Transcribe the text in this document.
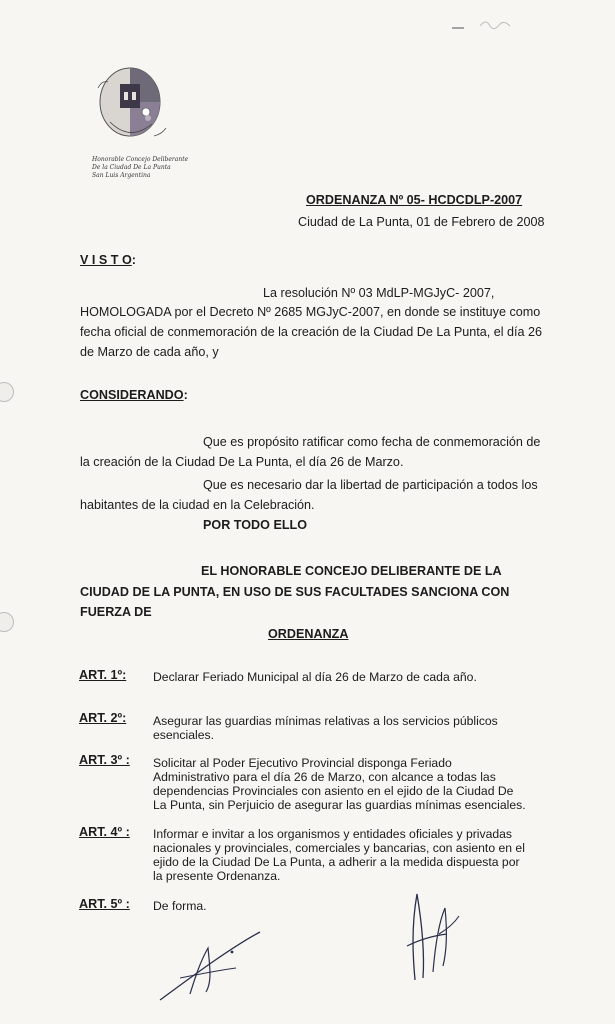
Honorable Concejo Deliberante
De la Ciudad De La Punta
San Luis Argentina
ORDENANZA Nº 05- HCDCDLP-2007
Ciudad de La Punta, 01 de Febrero de 2008
V I S T O:
La resolución Nº 03 MdLP-MGJyC- 2007,
HOMOLOGADA por el Decreto Nº 2685 MGJyC-2007, en donde se instituye como
fecha oficial de conmemoración de la creación de la Ciudad De La Punta, el día 26
de Marzo de cada año, y
CONSIDERANDO:
Que es propósito ratificar como fecha de conmemoración de
la creación de la Ciudad De La Punta, el día 26 de Marzo.
Que es necesario dar la libertad de participación a todos los
habitantes de la ciudad en la Celebración.
POR TODO ELLO
EL HONORABLE CONCEJO DELIBERANTE DE LA
CIUDAD DE LA PUNTA, EN USO DE SUS FACULTADES SANCIONA CON
FUERZA DE
ORDENANZA
ART. 1º: Declarar Feriado Municipal al día 26 de Marzo de cada año.
ART. 2º: Asegurar las guardias mínimas relativas a los servicios públicos
esenciales.
ART. 3º : Solicitar al Poder Ejecutivo Provincial disponga Feriado
Administrativo para el día 26 de Marzo, con alcance a todas las
dependencias Provinciales con asiento en el ejido de la Ciudad De
La Punta, sin Perjuicio de asegurar las guardias mínimas esenciales.
ART. 4º : Informar e invitar a los organismos y entidades oficiales y privadas
nacionales y provinciales, comerciales y bancarias, con asiento en el
ejido de la Ciudad De La Punta, a adherir a la medida dispuesta por
la presente Ordenanza.
ART. 5º : De forma.
